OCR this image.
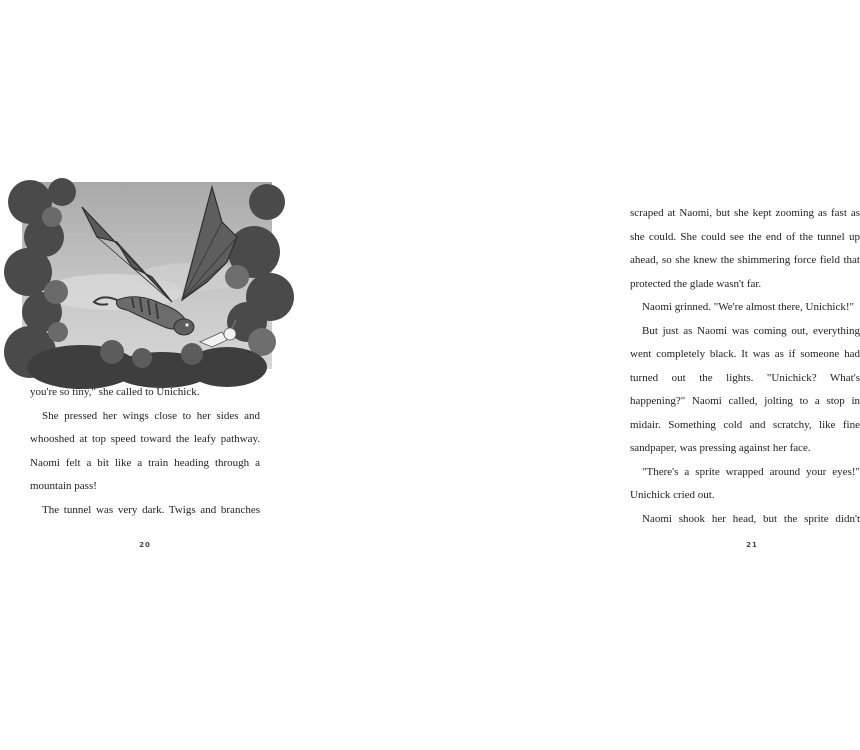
you're so tiny," she called to Unichick.

She pressed her wings close to her sides and whooshed at top speed toward the leafy pathway. Naomi felt a bit like a train heading through a mountain pass!

The tunnel was very dark. Twigs and branches

20

scraped at Naomi, but she kept zooming as fast as she could. She could see the end of the tunnel up ahead, so she knew the shimmering force field that protected the glade wasn't far.

Naomi grinned. "We're almost there, Unichick!"

But just as Naomi was coming out, everything went completely black. It was as if someone had turned out the lights. "Unichick? What's happening?" Naomi called, jolting to a stop in midair. Something cold and scratchy, like fine sandpaper, was pressing against her face.

"There's a sprite wrapped around your eyes!" Unichick cried out.

Naomi shook her head, but the sprite didn't

21
